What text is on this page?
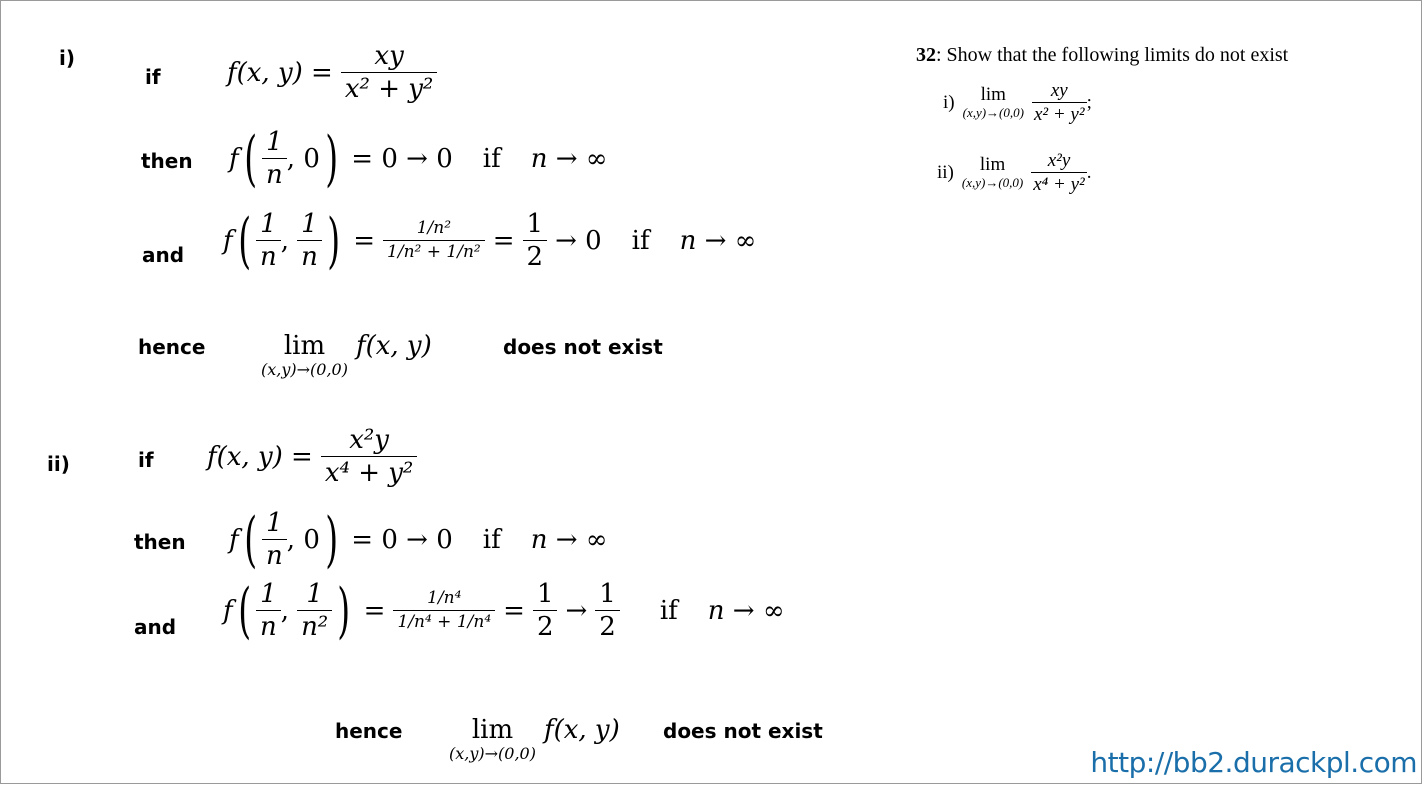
32: Show that the following limits do not exist
i) lim
$(x,y)\to(0,0) \frac{xy}{\text{x² + y²}}$ ;
ii) lim
$(x,y)\to(0,0) \frac{\text{x²y}}{\text{x⁴ + y²}}$ .
i)
if	f(x, $y) = \frac{xy}{\text{x² + y²}}$
then f ( $\frac{1}{n}$ , 0 ) = 0 → 0 if n → ∞
and f ( $\frac{1}{n}$ , $\frac{1}{n}$ ) = $\frac{\text{1/n²}}{\text{1/n² + 1/n²}} = \frac{1}{2} \to 0$ if n → ∞
hence	lim
(x,y)→(0,0)
f(x, y)	does not exist
ii)	if f(x, $y) = \frac{\text{x²y}}{\text{x⁴ + y²}}$
then f ( $\frac{1}{n}$ , 0 ) = 0 → 0 if n → ∞
and
f ( $\frac{1}{n}$ , $\frac{1}{\text{n²}}$ ) = $\frac{\text{1/n⁴}}{\text{1/n⁴ + 1/n⁴}} = \frac{1}{2} \to \frac{1}{2}$ if n → ∞
hence	lim
(x,y)→(0,0)
f(x, y) does not exist
http://bb2.durackpl.com
